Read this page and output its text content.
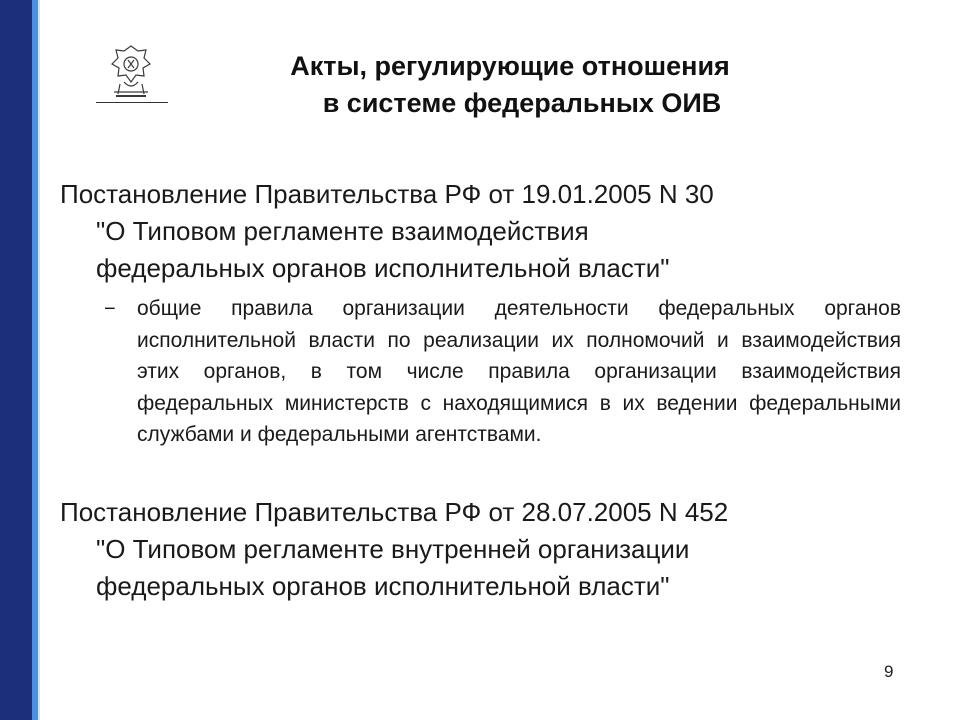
Акты, регулирующие отношения
в системе федеральных ОИВ
Постановление Правительства РФ от 19.01.2005 N 30
"О Типовом регламенте взаимодействия
федеральных органов исполнительной власти"
− общие правила организации деятельности федеральных органов исполнительной власти по реализации их полномочий и взаимодействия этих органов, в том числе правила организации взаимодействия федеральных министерств с находящимися в их ведении федеральными службами и федеральными агентствами.
Постановление Правительства РФ от 28.07.2005 N 452
"О Типовом регламенте внутренней организации
федеральных органов исполнительной власти"
9
